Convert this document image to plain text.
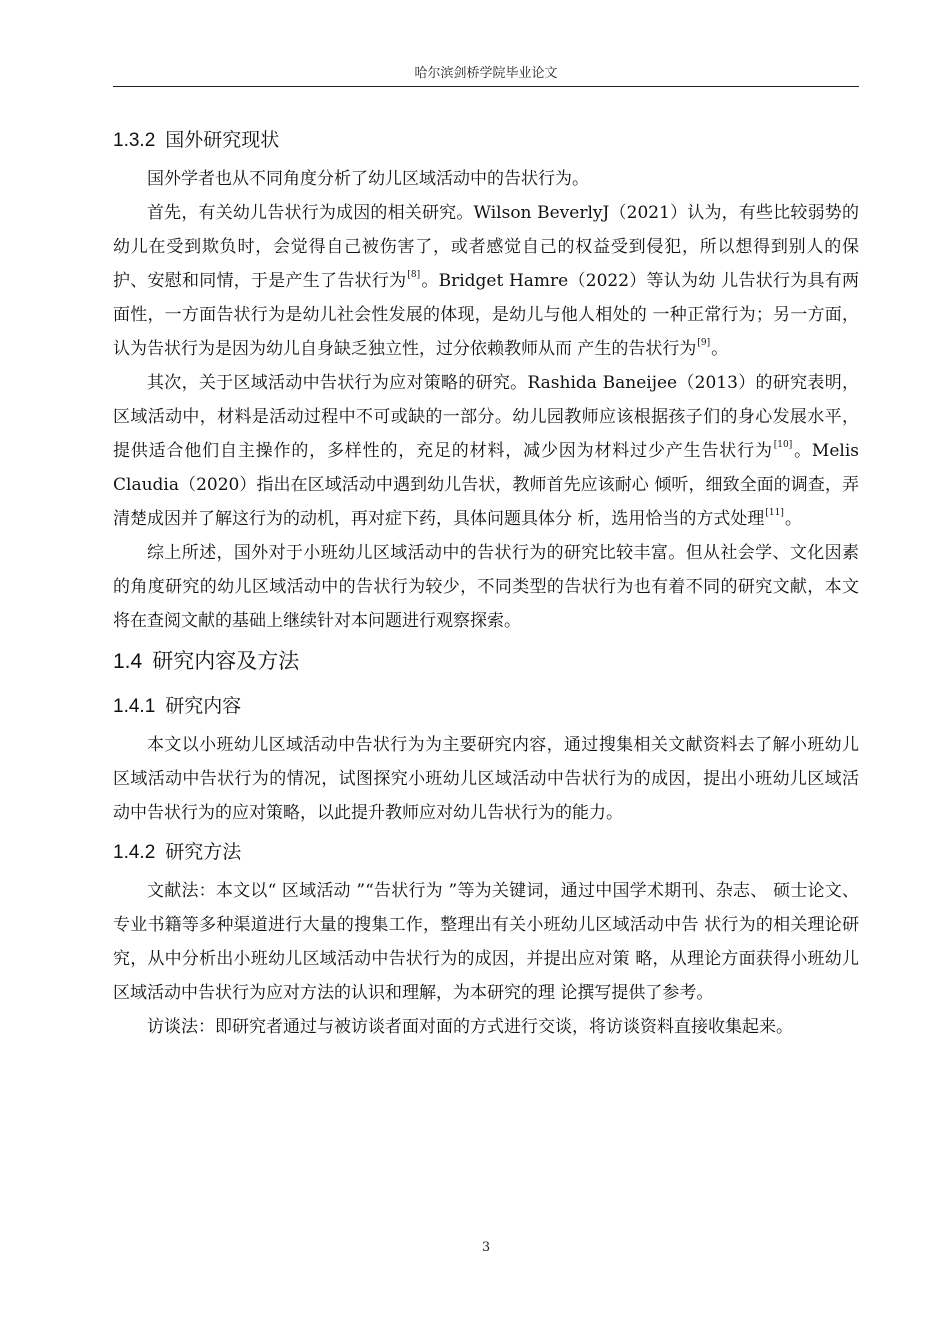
哈尔滨剑桥学院毕业论文
1.3.2 国外研究现状

国外学者也从不同角度分析了幼儿区域活动中的告状行为。

首先，有关幼儿告状行为成因的相关研究。Wilson BeverlyJ（2021）认为，有些比较弱势的幼儿在受到欺负时，会觉得自己被伤害了，或者感觉自己的权益受到侵犯，所以想得到别人的保护、安慰和同情，于是产生了告状行为[8]。Bridget Hamre（2022）等认为幼 儿告状行为具有两面性，一方面告状行为是幼儿社会性发展的体现，是幼儿与他人相处的 一种正常行为；另一方面，认为告状行为是因为幼儿自身缺乏独立性，过分依赖教师从而 产生的告状行为[9]。

其次，关于区域活动中告状行为应对策略的研究。Rashida Baneijee（2013）的研究表明，区域活动中，材料是活动过程中不可或缺的一部分。幼儿园教师应该根据孩子们的身心发展水平，提供适合他们自主操作的，多样性的，充足的材料，减少因为材料过少产生告状行为[10]。Melis Claudia（2020）指出在区域活动中遇到幼儿告状，教师首先应该耐心 倾听，细致全面的调查，弄清楚成因并了解这行为的动机，再对症下药，具体问题具体分 析，选用恰当的方式处理[11]。

综上所述，国外对于小班幼儿区域活动中的告状行为的研究比较丰富。但从社会学、文化因素的角度研究的幼儿区域活动中的告状行为较少，不同类型的告状行为也有着不同的研究文献，本文将在查阅文献的基础上继续针对本问题进行观察探索。

1.4 研究内容及方法
1.4.1 研究内容

本文以小班幼儿区域活动中告状行为为主要研究内容，通过搜集相关文献资料去了解小班幼儿区域活动中告状行为的情况，试图探究小班幼儿区域活动中告状行为的成因，提出小班幼儿区域活动中告状行为的应对策略，以此提升教师应对幼儿告状行为的能力。

1.4.2 研究方法

文献法：本文以“ 区域活动 ”“告状行为 ”等为关键词，通过中国学术期刊、杂志、 硕士论文、专业书籍等多种渠道进行大量的搜集工作，整理出有关小班幼儿区域活动中告 状行为的相关理论研究，从中分析出小班幼儿区域活动中告状行为的成因，并提出应对策 略，从理论方面获得小班幼儿区域活动中告状行为应对方法的认识和理解，为本研究的理 论撰写提供了参考。

访谈法：即研究者通过与被访谈者面对面的方式进行交谈，将访谈资料直接收集起来。

3
